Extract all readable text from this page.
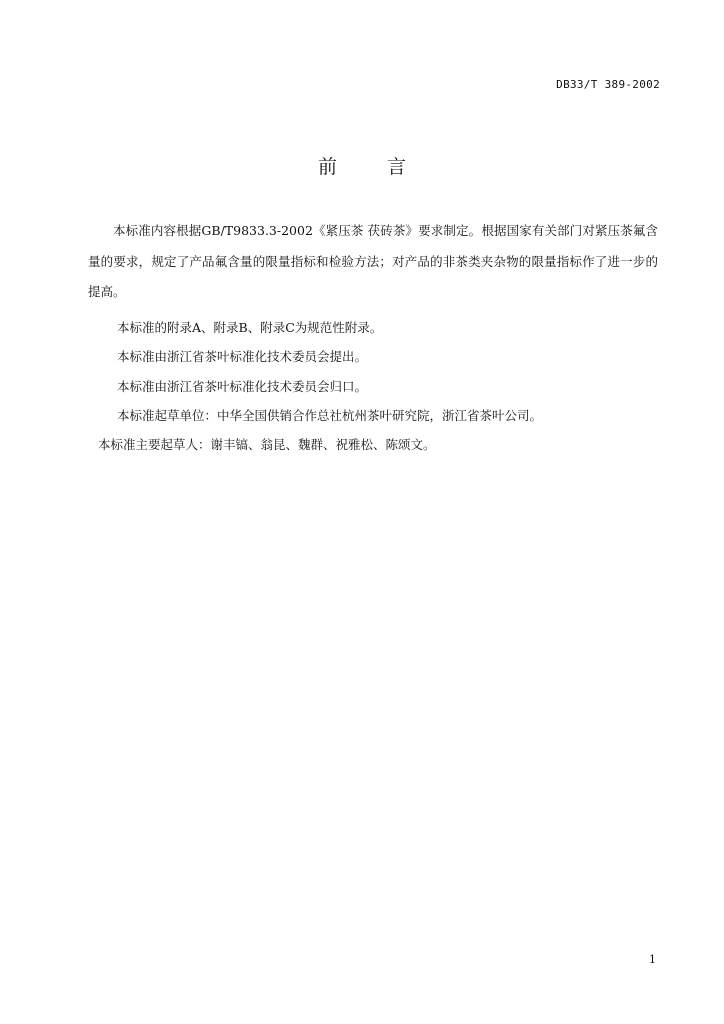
DB33/T 389-2002
前 言
本标准内容根据GB/T9833.3-2002《紧压茶 茯砖茶》要求制定。根据国家有关部门对紧压茶氟含量的要求，规定了产品氟含量的限量指标和检验方法；对产品的非茶类夹杂物的限量指标作了进一步的提高。
本标准的附录A、附录B、附录C为规范性附录。
本标准由浙江省茶叶标准化技术委员会提出。
本标准由浙江省茶叶标准化技术委员会归口。
本标准起草单位：中华全国供销合作总社杭州茶叶研究院，浙江省茶叶公司。
本标准主要起草人：谢丰镐、翁昆、魏群、祝雅松、陈颂文。
1
